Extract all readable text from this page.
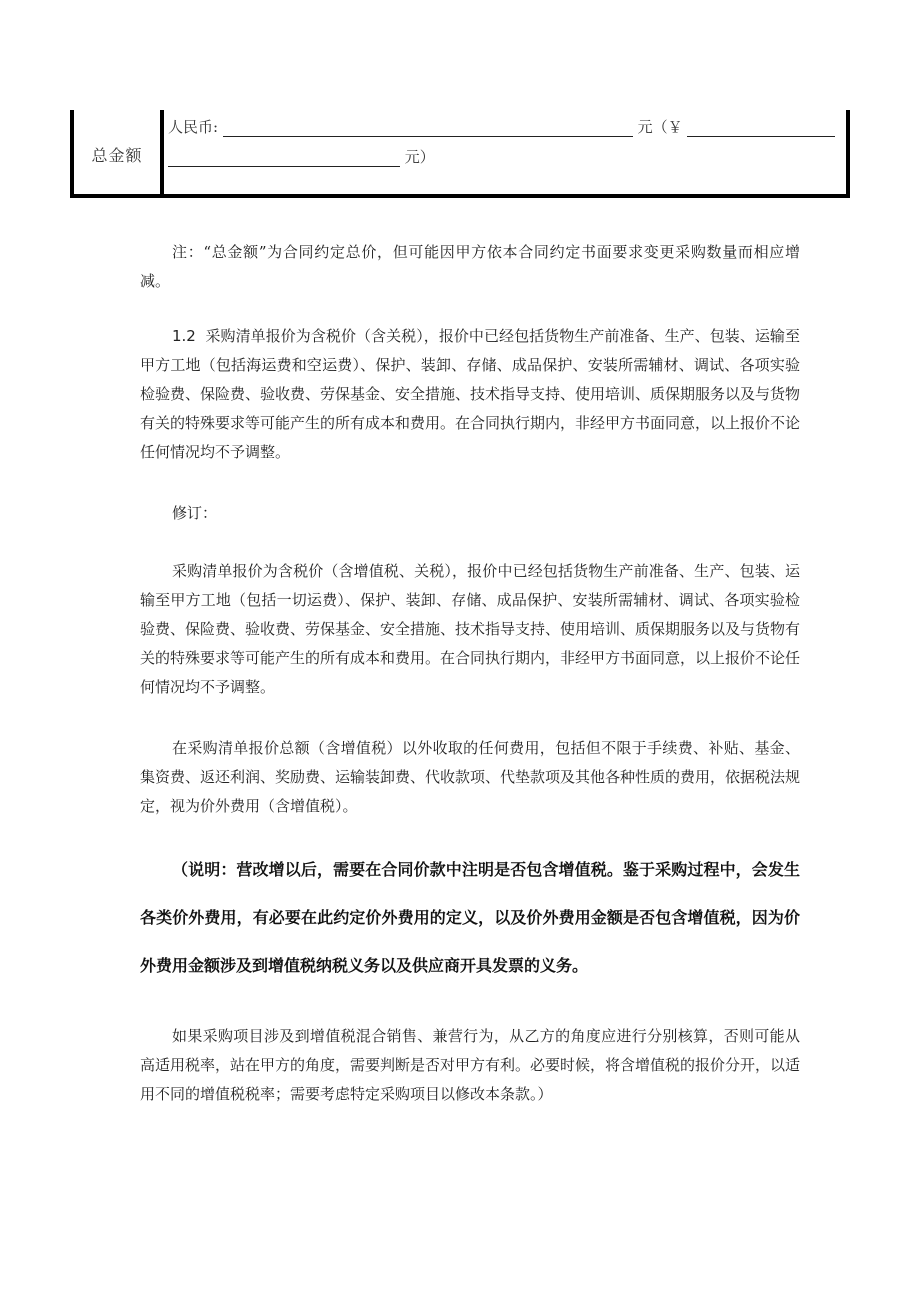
总金额
人民币:	元（￥
元）

注：“总金额”为合同约定总价，但可能因甲方依本合同约定书面要求变更采购数量而相应增减。

1.2 采购清单报价为含税价（含关税），报价中已经包括货物生产前准备、生产、包装、运输至甲方工地（包括海运费和空运费）、保护、装卸、存储、成品保护、安装所需辅材、调试、各项实验检验费、保险费、验收费、劳保基金、安全措施、技术指导支持、使用培训、质保期服务以及与货物有关的特殊要求等可能产生的所有成本和费用。在合同执行期内，非经甲方书面同意，以上报价不论任何情况均不予调整。

修订：

采购清单报价为含税价（含增值税、关税），报价中已经包括货物生产前准备、生产、包装、运输至甲方工地（包括一切运费）、保护、装卸、存储、成品保护、安装所需辅材、调试、各项实验检验费、保险费、验收费、劳保基金、安全措施、技术指导支持、使用培训、质保期服务以及与货物有关的特殊要求等可能产生的所有成本和费用。在合同执行期内，非经甲方书面同意，以上报价不论任何情况均不予调整。

在采购清单报价总额（含增值税）以外收取的任何费用，包括但不限于手续费、补贴、基金、集资费、返还利润、奖励费、运输装卸费、代收款项、代垫款项及其他各种性质的费用，依据税法规定，视为价外费用（含增值税）。

（说明：营改增以后，需要在合同价款中注明是否包含增值税。鉴于采购过程中，会发生各类价外费用，有必要在此约定价外费用的定义，以及价外费用金额是否包含增值税，因为价外费用金额涉及到增值税纳税义务以及供应商开具发票的义务。

如果采购项目涉及到增值税混合销售、兼营行为，从乙方的角度应进行分别核算，否则可能从高适用税率，站在甲方的角度，需要判断是否对甲方有利。必要时候，将含增值税的报价分开，以适用不同的增值税税率；需要考虑特定采购项目以修改本条款。）
